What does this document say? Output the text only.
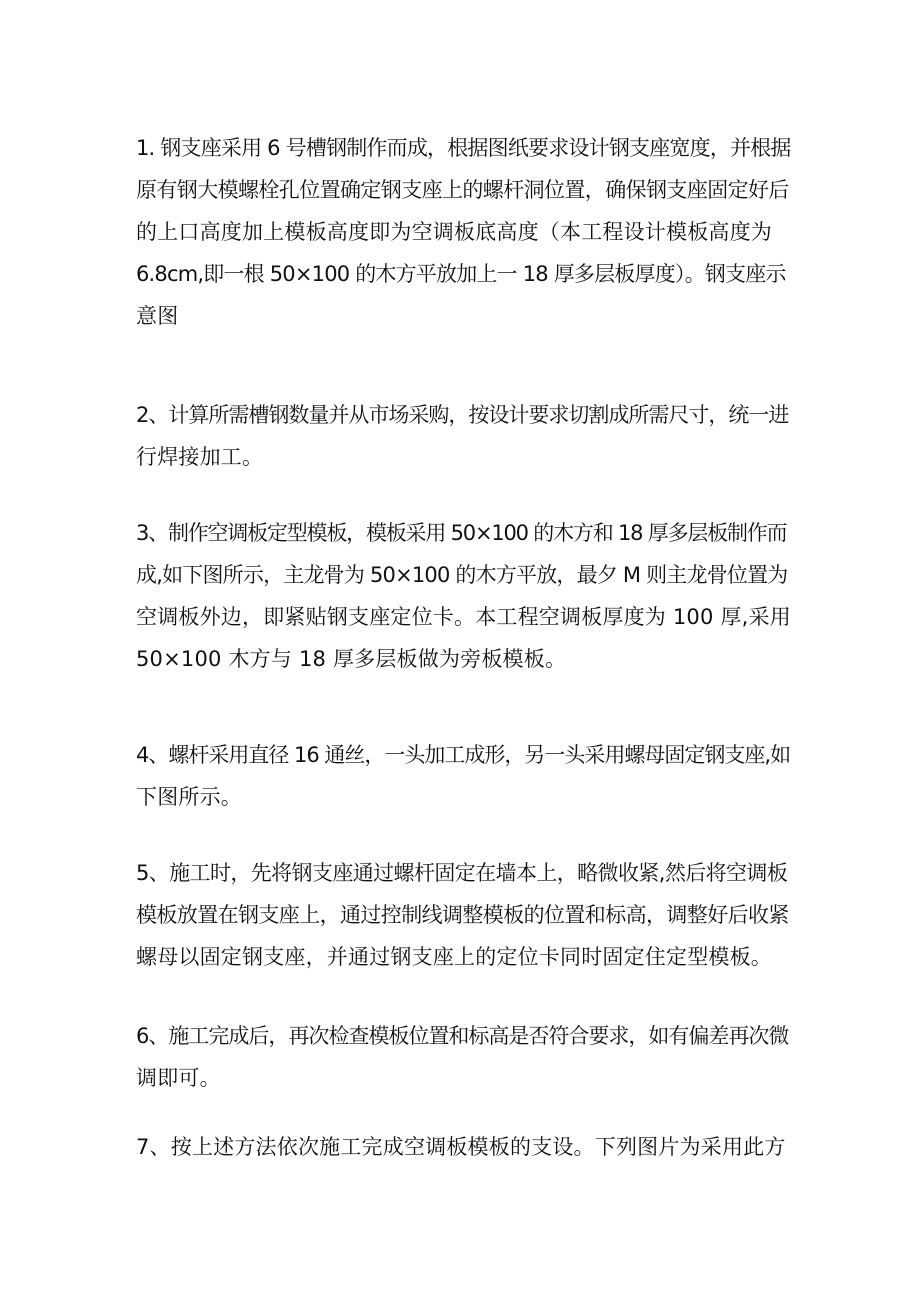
1. 钢支座采用 6 号槽钢制作而成，根据图纸要求设计钢支座宽度，并根据
原有钢大模螺栓孔位置确定钢支座上的螺杆洞位置，确保钢支座固定好后
的上口高度加上模板高度即为空调板底高度（本工程设计模板高度为
6.8cm,即一根 50×100 的木方平放加上一 18 厚多层板厚度）。钢支座示
意图
2、计算所需槽钢数量并从市场采购，按设计要求切割成所需尺寸，统一进
行焊接加工。
3、制作空调板定型模板，模板采用 50×100 的木方和 18 厚多层板制作而
成,如下图所示，主龙骨为 50×100 的木方平放，最夕 M 则主龙骨位置为
空调板外边，即紧贴钢支座定位卡。本工程空调板厚度为 100 厚,采用
50×100 木方与 18 厚多层板做为旁板模板。
4、螺杆采用直径 16 通丝，一头加工成形，另一头采用螺母固定钢支座,如
下图所示。
5、施工时，先将钢支座通过螺杆固定在墙本上，略微收紧,然后将空调板
模板放置在钢支座上，通过控制线调整模板的位置和标高，调整好后收紧
螺母以固定钢支座，并通过钢支座上的定位卡同时固定住定型模板。
6、施工完成后，再次检查模板位置和标高是否符合要求，如有偏差再次微
调即可。
7、按上述方法依次施工完成空调板模板的支设。下列图片为采用此方
